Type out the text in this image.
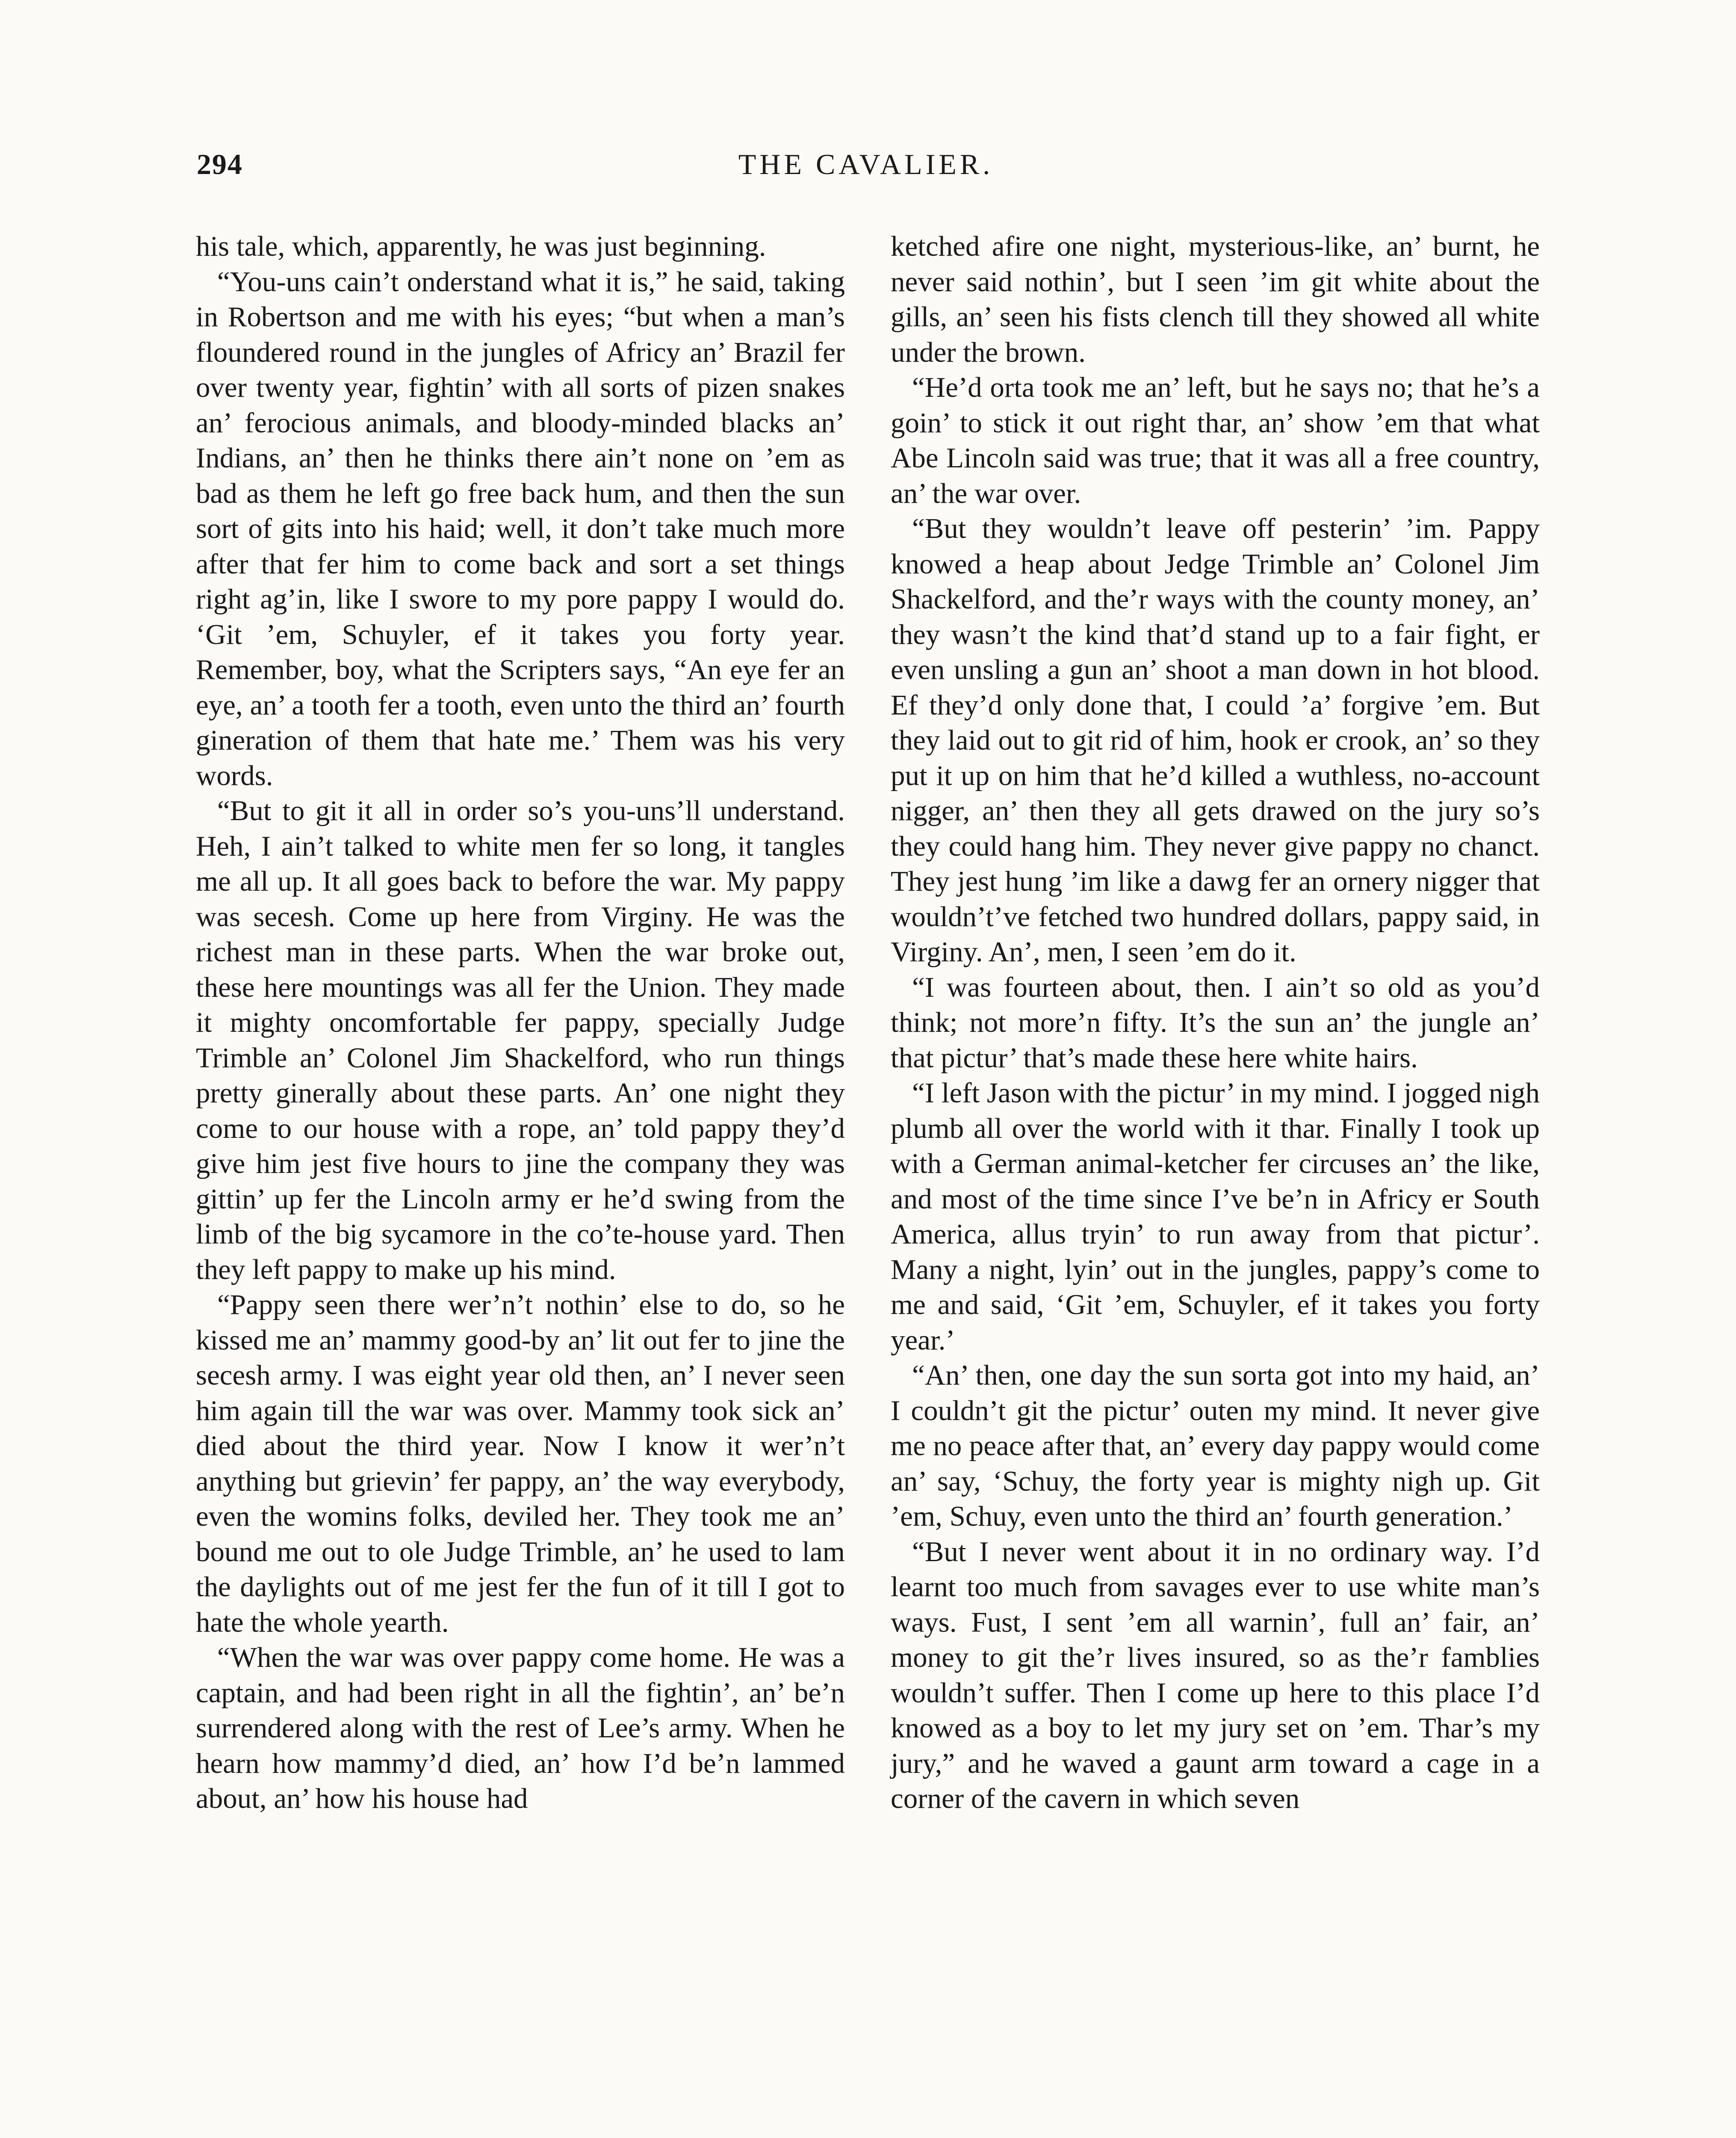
294	THE CAVALIER.

his tale, which, apparently, he was just beginning.

“You-uns cain’t onderstand what it is,” he said, taking in Robertson and me with his eyes; “but when a man’s floundered round in the jungles of Africy an’ Brazil fer over twenty year, fightin’ with all sorts of pizen snakes an’ ferocious animals, and bloody-minded blacks an’ Indians, an’ then he thinks there ain’t none on ’em as bad as them he left go free back hum, and then the sun sort of gits into his haid; well, it don’t take much more after that fer him to come back and sort a set things right ag’in, like I swore to my pore pappy I would do. ‘Git ’em, Schuyler, ef it takes you forty year. Remember, boy, what the Scripters says, “An eye fer an eye, an’ a tooth fer a tooth, even unto the third an’ fourth gineration of them that hate me.’ Them was his very words.

“But to git it all in order so’s you-uns’ll understand. Heh, I ain’t talked to white men fer so long, it tangles me all up. It all goes back to before the war. My pappy was secesh. Come up here from Virginy. He was the richest man in these parts. When the war broke out, these here mountings was all fer the Union. They made it mighty oncomfortable fer pappy, specially Judge Trimble an’ Colonel Jim Shackelford, who run things pretty ginerally about these parts. An’ one night they come to our house with a rope, an’ told pappy they’d give him jest five hours to jine the company they was gittin’ up fer the Lincoln army er he’d swing from the limb of the big sycamore in the co’te-house yard. Then they left pappy to make up his mind.

“Pappy seen there wer’n’t nothin’ else to do, so he kissed me an’ mammy good-by an’ lit out fer to jine the secesh army. I was eight year old then, an’ I never seen him again till the war was over. Mammy took sick an’ died about the third year. Now I know it wer’n’t anything but grievin’ fer pappy, an’ the way everybody, even the womins folks, deviled her. They took me an’ bound me out to ole Judge Trimble, an’ he used to lam the daylights out of me jest fer the fun of it till I got to hate the whole yearth.

“When the war was over pappy come home. He was a captain, and had been right in all the fightin’, an’ be’n surrendered along with the rest of Lee’s army. When he hearn how mammy’d died, an’ how I’d be’n lammed about, an’ how his house had

ketched afire one night, mysterious-like, an’ burnt, he never said nothin’, but I seen ’im git white about the gills, an’ seen his fists clench till they showed all white under the brown.

“He’d orta took me an’ left, but he says no; that he’s a goin’ to stick it out right thar, an’ show ’em that what Abe Lincoln said was true; that it was all a free country, an’ the war over.

“But they wouldn’t leave off pesterin’ ’im. Pappy knowed a heap about Jedge Trimble an’ Colonel Jim Shackelford, and the’r ways with the county money, an’ they wasn’t the kind that’d stand up to a fair fight, er even unsling a gun an’ shoot a man down in hot blood. Ef they’d only done that, I could ’a’ forgive ’em. But they laid out to git rid of him, hook er crook, an’ so they put it up on him that he’d killed a wuthless, no-account nigger, an’ then they all gets drawed on the jury so’s they could hang him. They never give pappy no chanct. They jest hung ’im like a dawg fer an ornery nigger that wouldn’t’ve fetched two hundred dollars, pappy said, in Virginy. An’, men, I seen ’em do it.

“I was fourteen about, then. I ain’t so old as you’d think; not more’n fifty. It’s the sun an’ the jungle an’ that pictur’ that’s made these here white hairs.

“I left Jason with the pictur’ in my mind. I jogged nigh plumb all over the world with it thar. Finally I took up with a German animal-ketcher fer circuses an’ the like, and most of the time since I’ve be’n in Africy er South America, allus tryin’ to run away from that pictur’. Many a night, lyin’ out in the jungles, pappy’s come to me and said, ‘Git ’em, Schuyler, ef it takes you forty year.’

“An’ then, one day the sun sorta got into my haid, an’ I couldn’t git the pictur’ outen my mind. It never give me no peace after that, an’ every day pappy would come an’ say, ‘Schuy, the forty year is mighty nigh up. Git ’em, Schuy, even unto the third an’ fourth generation.’

“But I never went about it in no ordinary way. I’d learnt too much from savages ever to use white man’s ways. Fust, I sent ’em all warnin’, full an’ fair, an’ money to git the’r lives insured, so as the’r famblies wouldn’t suffer. Then I come up here to this place I’d knowed as a boy to let my jury set on ’em. Thar’s my jury,” and he waved a gaunt arm toward a cage in a corner of the cavern in which seven
